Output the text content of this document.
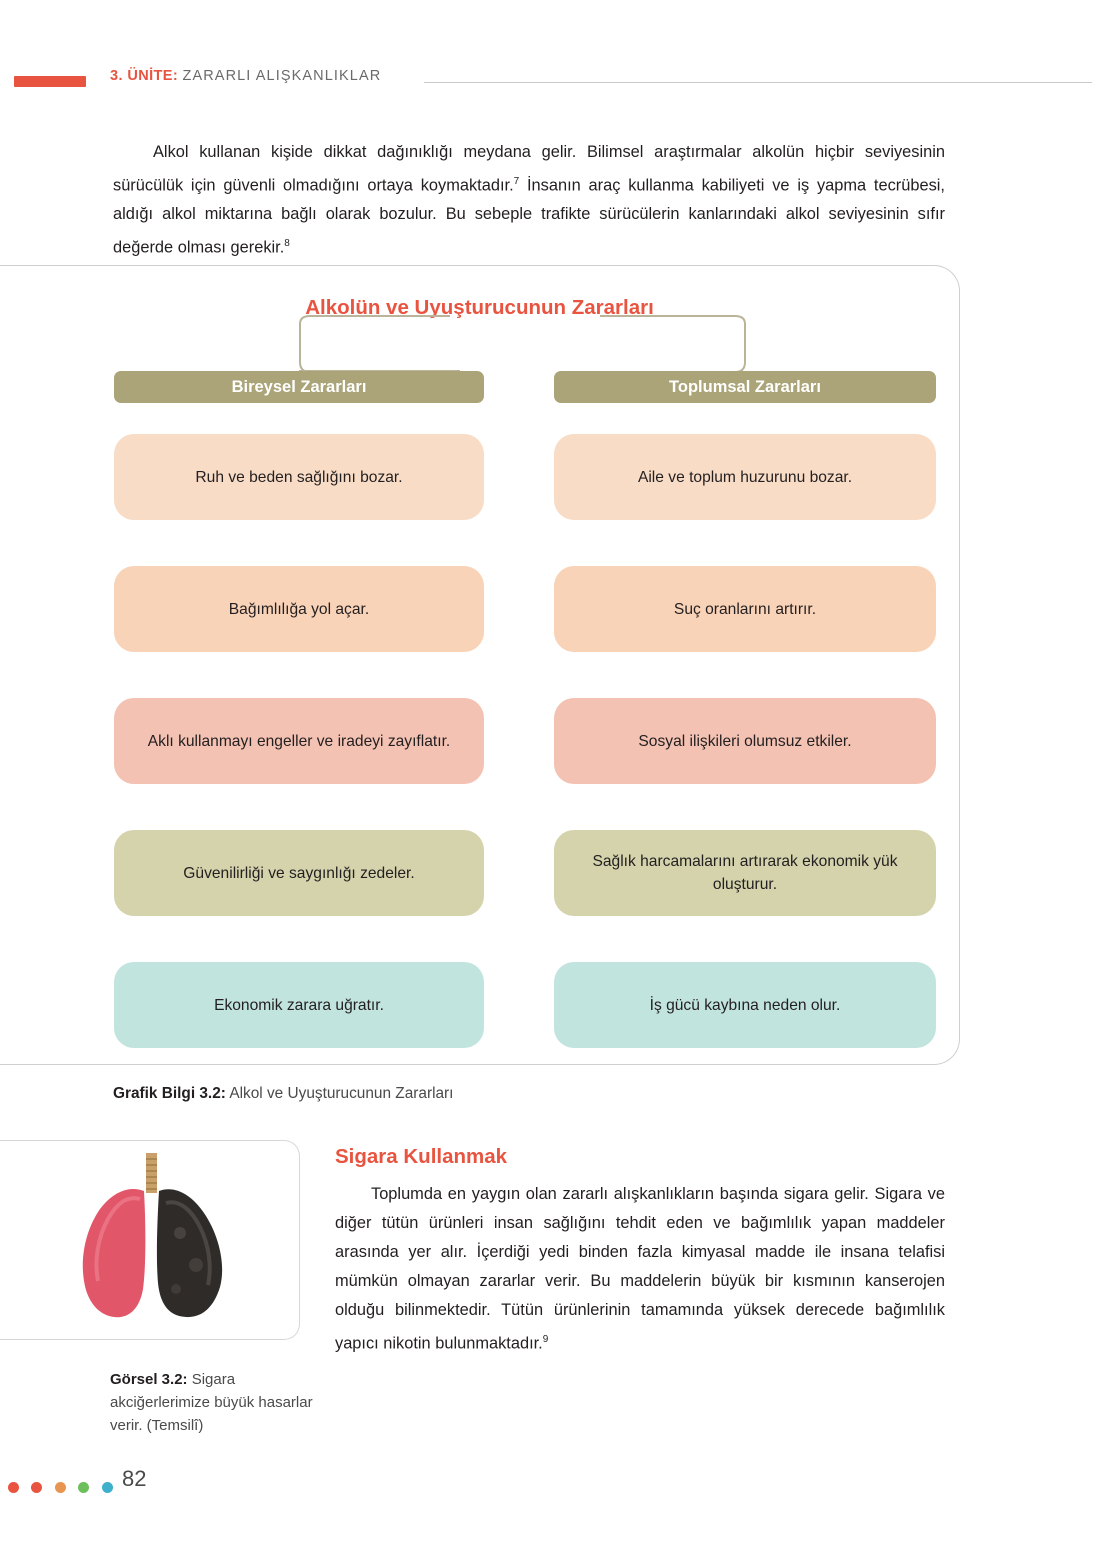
3. ÜNİTE: ZARARLI ALIŞKANLIKLAR
Alkol kullanan kişide dikkat dağınıklığı meydana gelir. Bilimsel araştırmalar alkolün hiçbir seviyesinin sürücülük için güvenli olmadığını ortaya koymaktadır.$^7$ İnsanın araç kullanma kabiliyeti ve iş yapma tecrübesi, aldığı alkol miktarına bağlı olarak bozulur. Bu sebeple trafikte sürücülerin kanlarındaki alkol seviyesinin sıfır değerde olması gerekir.$^8$
Alkolün ve Uyuşturucunun Zararları
Bireysel Zararları	Toplumsal Zararları
Ruh ve beden sağlığını bozar.
Bağımlılığa yol açar.
Aklı kullanmayı engeller ve iradeyi zayıflatır.
Güvenilirliği ve saygınlığı zedeler.
Ekonomik zarara uğratır.
Aile ve toplum huzurunu bozar.
Suç oranlarını artırır.
Sosyal ilişkileri olumsuz etkiler.
Sağlık harcamalarını artırarak ekonomik yük oluşturur.
İş gücü kaybına neden olur.
Grafik Bilgi 3.2: Alkol ve Uyuşturucunun Zararları
Görsel 3.2: Sigara akciğerlerimize büyük hasarlar verir. (Temsilî)
Sigara Kullanmak
Toplumda en yaygın olan zararlı alışkanlıkların başında sigara gelir. Sigara ve diğer tütün ürünleri insan sağlığını tehdit eden ve bağımlılık yapan maddeler arasında yer alır. İçerdiği yedi binden fazla kimyasal madde ile insana telafisi mümkün olmayan zararlar verir. Bu maddelerin büyük bir kısmının kanserojen olduğu bilinmektedir. Tütün ürünlerinin tamamında yüksek derecede bağımlılık yapıcı nikotin bulunmaktadır.$^9$

82
